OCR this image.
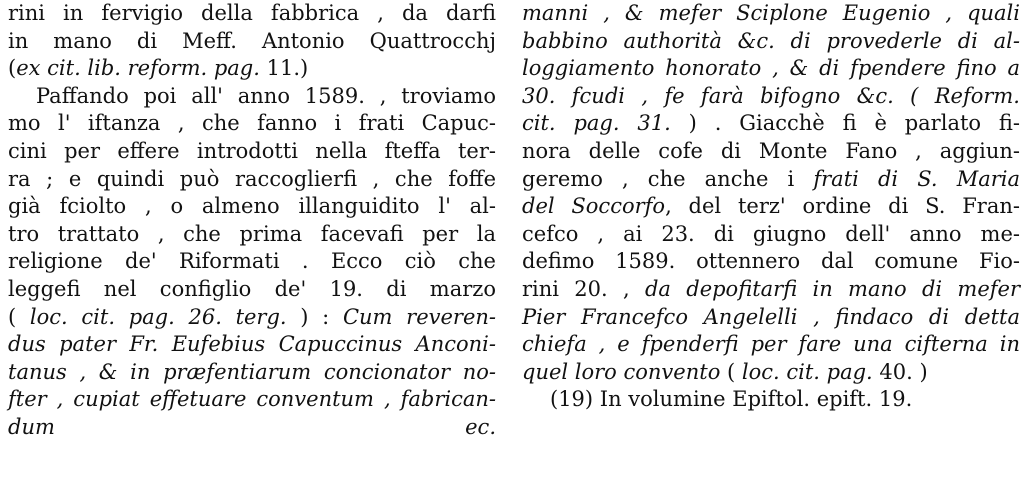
rini in fervigio della fabbrica , da darfi
in mano di Meff. Antonio Quattrocchj
(ex cit. lib. reform. pag. 11.)
Paffando poi all' anno 1589. , troviamo
mo l' iftanza , che fanno i frati Capuc-
cini per effere introdotti nella fteffa ter-
ra ; e quindi può raccoglierfi , che foffe
già fciolto , o almeno illanguidito l' al-
tro trattato , che prima facevafi per la
religione de' Riformati . Ecco ciò che
leggefi nel configlio de' 19. di marzo
( loc. cit. pag. 26. terg. ) : Cum reveren-
dus pater Fr. Eufebius Capuccinus Anconi-
tanus , & in præfentiarum concionator no-
fter , cupiat effetuare conventum , fabrican-
dum ec.
manni , & mefer Sciplone Eugenio , quali
babbino authorità &c. di provederle di al-
loggiamento honorato , & di fpendere fino a
30. fcudi , fe farà bifogno &c. ( Reform.
cit. pag. 31. ) . Giacchè fi è parlato fi-
nora delle cofe di Monte Fano , aggiun-
geremo , che anche i frati di S. Maria
del Soccorfo, del terz' ordine di S. Fran-
cefco , ai 23. di giugno dell' anno me-
defimo 1589. ottennero dal comune Fio-
rini 20. , da depofitarfi in mano di mefer
Pier Francefco Angelelli , findaco di detta
chiefa , e fpenderfi per fare una cifterna in
quel loro convento ( loc. cit. pag. 40. )
(19) In volumine Epiftol. epift. 19.
